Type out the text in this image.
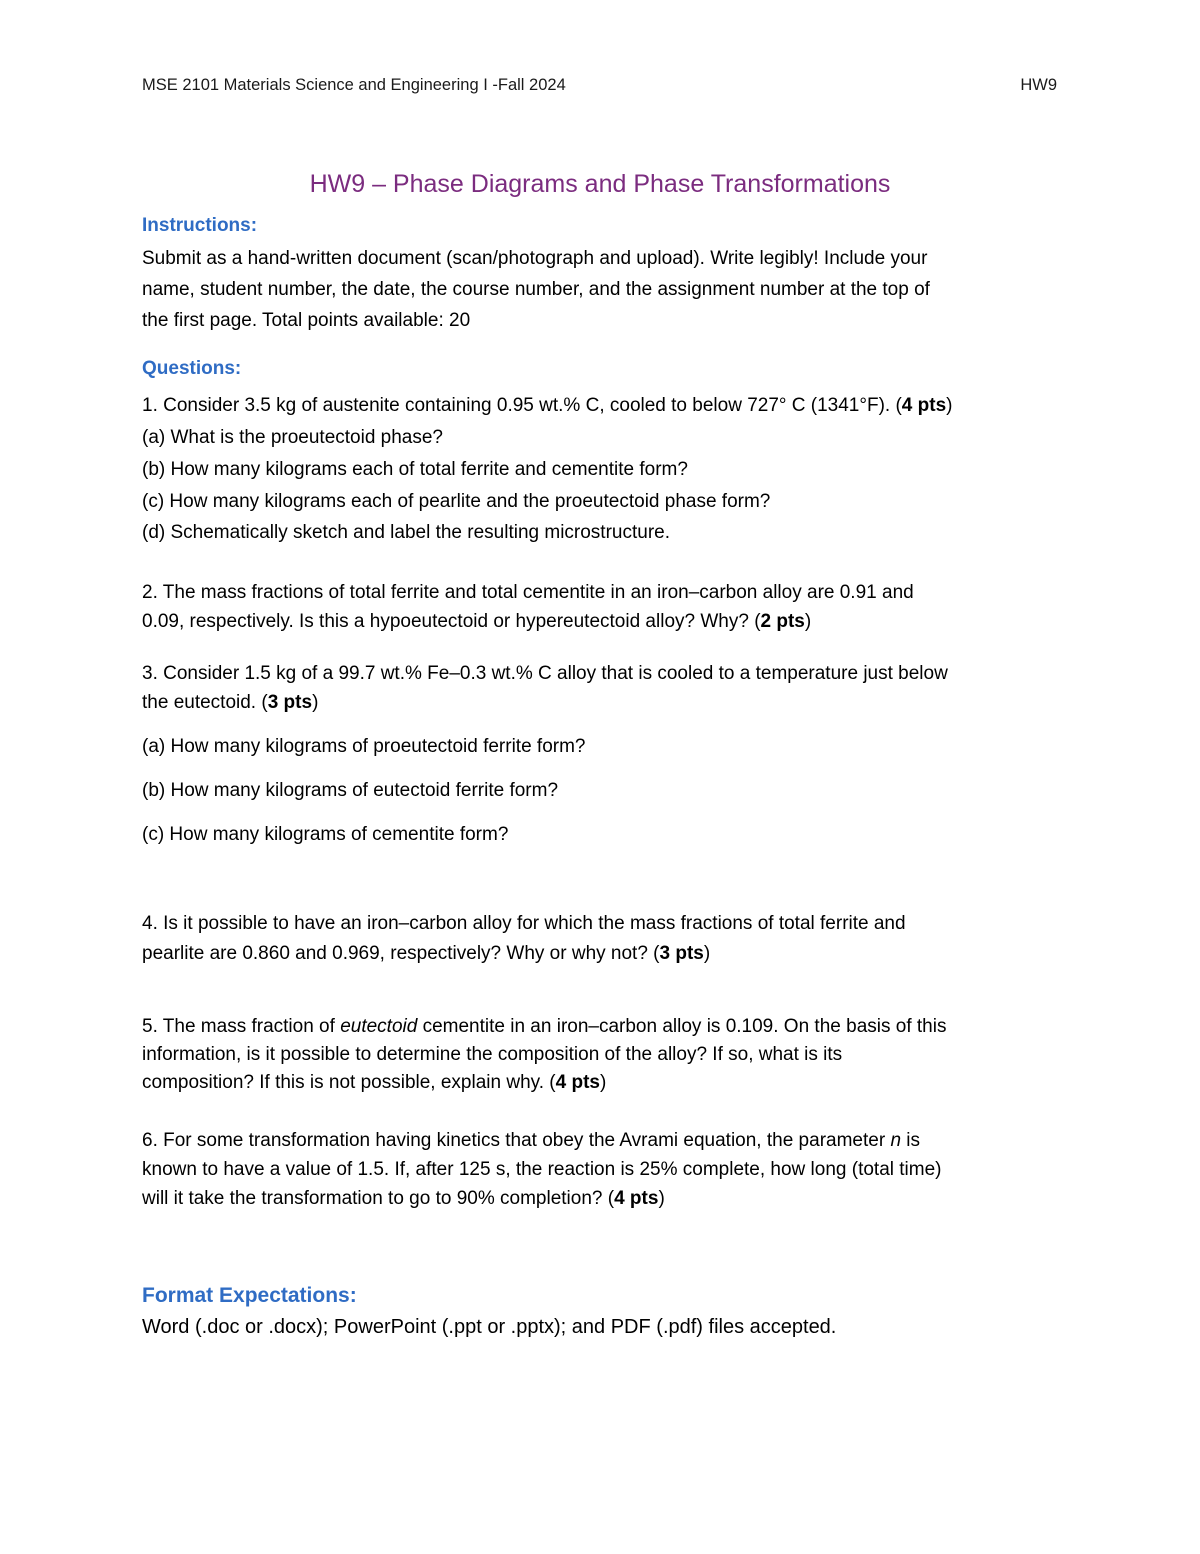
MSE 2101 Materials Science and Engineering I -Fall 2024	HW9
HW9 – Phase Diagrams and Phase Transformations
Instructions:
Submit as a hand-written document (scan/photograph and upload). Write legibly! Include your
name, student number, the date, the course number, and the assignment number at the top of
the first page. Total points available: 20
Questions:
1. Consider 3.5 kg of austenite containing 0.95 wt.% C, cooled to below 727° C (1341°F). (4 pts)
(a) What is the proeutectoid phase?
(b) How many kilograms each of total ferrite and cementite form?
(c) How many kilograms each of pearlite and the proeutectoid phase form?
(d) Schematically sketch and label the resulting microstructure.
2. The mass fractions of total ferrite and total cementite in an iron–carbon alloy are 0.91 and
0.09, respectively. Is this a hypoeutectoid or hypereutectoid alloy? Why? (2 pts)
3. Consider 1.5 kg of a 99.7 wt.% Fe–0.3 wt.% C alloy that is cooled to a temperature just below
the eutectoid. (3 pts)
(a) How many kilograms of proeutectoid ferrite form?
(b) How many kilograms of eutectoid ferrite form?
(c) How many kilograms of cementite form?
4. Is it possible to have an iron–carbon alloy for which the mass fractions of total ferrite and
pearlite are 0.860 and 0.969, respectively? Why or why not? (3 pts)
5. The mass fraction of eutectoid cementite in an iron–carbon alloy is 0.109. On the basis of this
information, is it possible to determine the composition of the alloy? If so, what is its
composition? If this is not possible, explain why. (4 pts)
6. For some transformation having kinetics that obey the Avrami equation, the parameter n is
known to have a value of 1.5. If, after 125 s, the reaction is 25% complete, how long (total time)
will it take the transformation to go to 90% completion? (4 pts)
Format Expectations:
Word (.doc or .docx); PowerPoint (.ppt or .pptx); and PDF (.pdf) files accepted.
